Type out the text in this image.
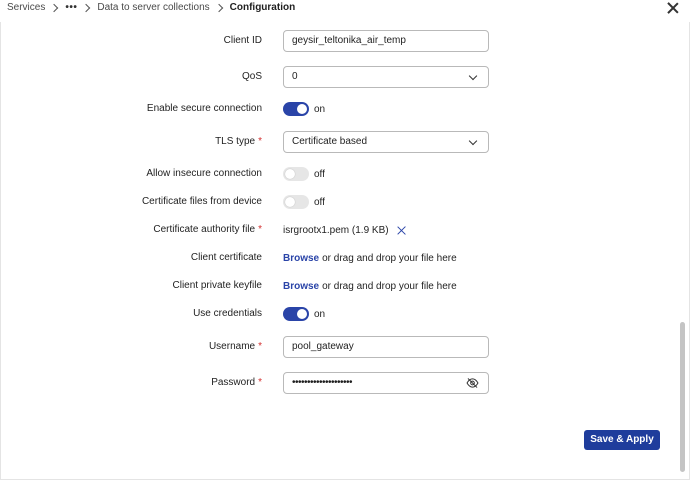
Services ••• Data to server collections Configuration
Client ID	geysir_teltonika_air_temp
QoS	0
Enable secure connection	on
TLS type *	Certificate based
Allow insecure connection	off
Certificate files from device	off
Certificate authority file * isrgrootx1.pem (1.9 KB)
Client certificate Browse or drag and drop your file here
Client private keyfile Browse or drag and drop your file here
Use credentials	on
Username *	pool_gateway
Password *	••••••••••••••••••••
Save & Apply
